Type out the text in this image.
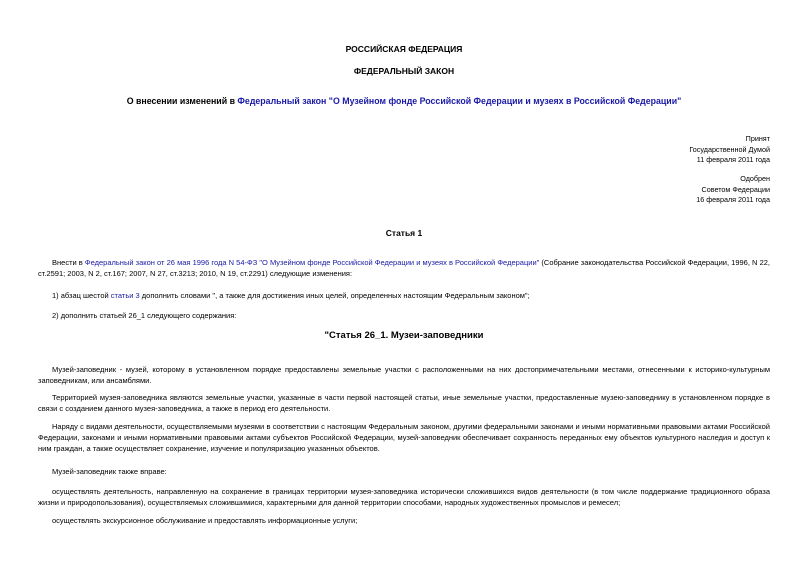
РОССИЙСКАЯ ФЕДЕРАЦИЯ
ФЕДЕРАЛЬНЫЙ ЗАКОН
О внесении изменений в Федеральный закон "О Музейном фонде Российской Федерации и музеях в Российской Федерации"
Принят
Государственной Думой
11 февраля 2011 года
Одобрен
Советом Федерации
16 февраля 2011 года
Статья 1
Внести в Федеральный закон от 26 мая 1996 года N 54-ФЗ "О Музейном фонде Российской Федерации и музеях в Российской Федерации" (Собрание законодательства Российской Федерации, 1996, N 22, ст.2591; 2003, N 2, ст.167; 2007, N 27, ст.3213; 2010, N 19, ст.2291) следующие изменения:
1) абзац шестой статьи 3 дополнить словами ", а также для достижения иных целей, определенных настоящим Федеральным законом";
2) дополнить статьей 26_1 следующего содержания:
"Статья 26_1. Музеи-заповедники
Музей-заповедник - музей, которому в установленном порядке предоставлены земельные участки с расположенными на них достопримечательными местами, отнесенными к историко-культурным заповедникам, или ансамблями.
Территорией музея-заповедника являются земельные участки, указанные в части первой настоящей статьи, иные земельные участки, предоставленные музею-заповеднику в установленном порядке в связи с созданием данного музея-заповедника, а также в период его деятельности.
Наряду с видами деятельности, осуществляемыми музеями в соответствии с настоящим Федеральным законом, другими федеральными законами и иными нормативными правовыми актами Российской Федерации, законами и иными нормативными правовыми актами субъектов Российской Федерации, музей-заповедник обеспечивает сохранность переданных ему объектов культурного наследия и доступ к ним граждан, а также осуществляет сохранение, изучение и популяризацию указанных объектов.
Музей-заповедник также вправе:
осуществлять деятельность, направленную на сохранение в границах территории музея-заповедника исторически сложившихся видов деятельности (в том числе поддержание традиционного образа жизни и природопользования), осуществляемых сложившимися, характерными для данной территории способами, народных художественных промыслов и ремесел;
осуществлять экскурсионное обслуживание и предоставлять информационные услуги;
